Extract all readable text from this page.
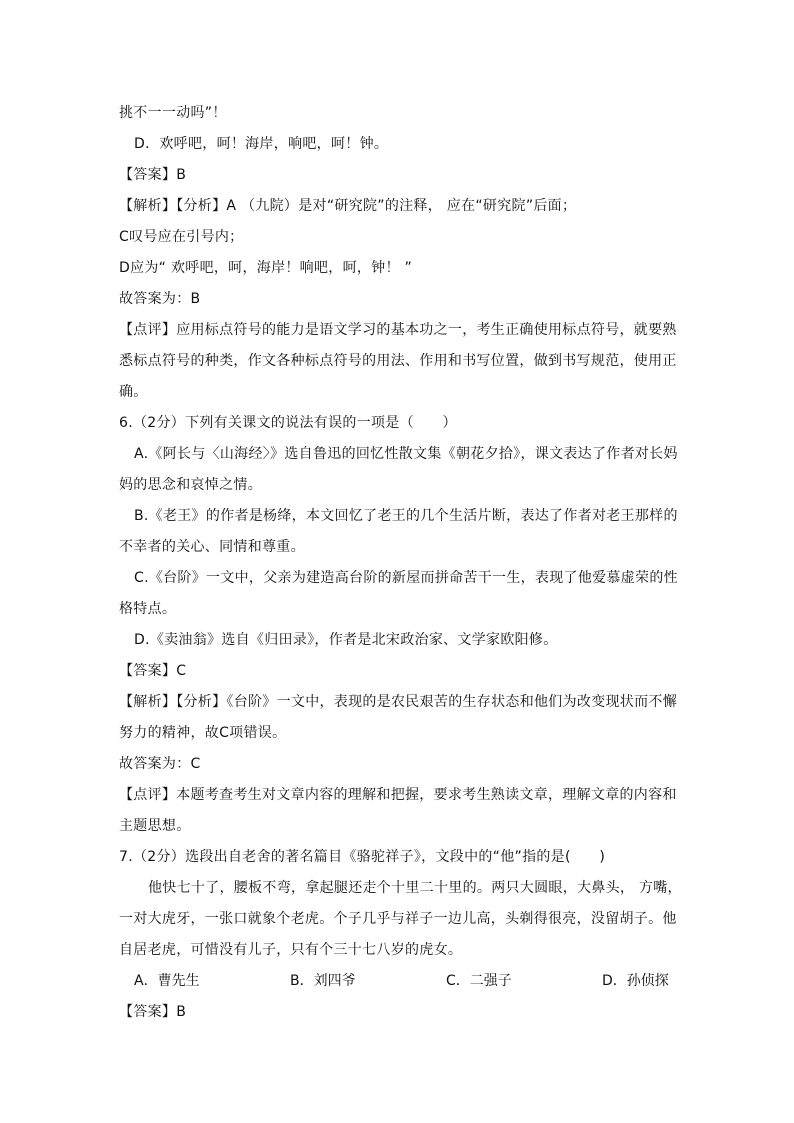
挑不一一动吗”！
D．欢呼吧，呵！海岸，响吧，呵！钟。
【答案】B
【解析】【分析】A （九院）是对“研究院”的注释， 应在“研究院”后面；
C叹号应在引号内；
D应为“ 欢呼吧，呵，海岸！响吧，呵，钟！ ”
故答案为：B
【点评】应用标点符号的能力是语文学习的基本功之一，考生正确使用标点符号，就要熟
悉标点符号的种类，作文各种标点符号的用法、作用和书写位置，做到书写规范，使用正
确。
6.（2分）下列有关课文的说法有误的一项是（　　）
A.《阿长与〈山海经〉》选自鲁迅的回忆性散文集《朝花夕拾》，课文表达了作者对长妈
妈的思念和哀悼之情。
B.《老王》的作者是杨绛，本文回忆了老王的几个生活片断，表达了作者对老王那样的
不幸者的关心、同情和尊重。
C.《台阶》一文中，父亲为建造高台阶的新屋而拼命苦干一生，表现了他爱慕虚荣的性
格特点。
D.《卖油翁》选自《归田录》，作者是北宋政治家、文学家欧阳修。
【答案】C
【解析】【分析】《台阶》一文中，表现的是农民艰苦的生存状态和他们为改变现状而不懈
努力的精神，故C项错误。
故答案为：C
【点评】本题考查考生对文章内容的理解和把握，要求考生熟读文章，理解文章的内容和
主题思想。
7.（2分）选段出自老舍的著名篇目《骆驼祥子》，文段中的“他”指的是(　　)
他快七十了，腰板不弯，拿起腿还走个十里二十里的。两只大圆眼，大鼻头， 方嘴，
一对大虎牙，一张口就象个老虎。个子几乎与祥子一边儿高，头剃得很亮，没留胡子。他
自居老虎，可惜没有儿子，只有个三十七八岁的虎女。
A．曹先生	B．刘四爷	C．二强子	D．孙侦探
【答案】B
